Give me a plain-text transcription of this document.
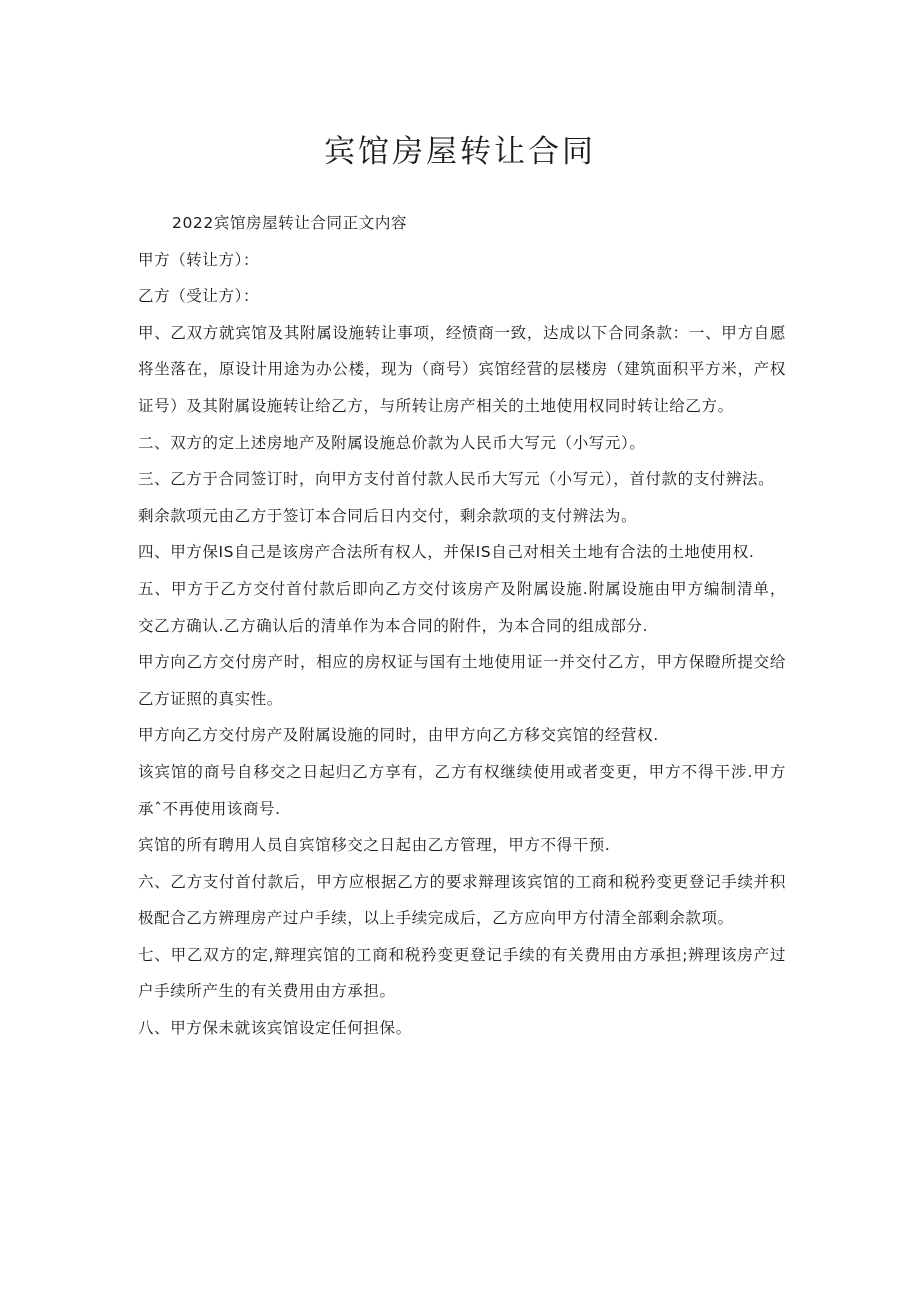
宾馆房屋转让合同

2022宾馆房屋转让合同正文内容

甲方（转让方）：

乙方（受让方）：

甲、乙双方就宾馆及其附属设施转让事项，经愤商一致，达成以下合同条款：一、甲方自愿将坐落在，原设计用途为办公楼，现为（商号）宾馆经营的层楼房（建筑面积平方米，产权证号）及其附属设施转让给乙方，与所转让房产相关的土地使用权同时转让给乙方。

二、双方的定上述房地产及附属设施总价款为人民币大写元（小写元）。

三、乙方于合同签订时，向甲方支付首付款人民币大写元（小写元），首付款的支付辨法。

剩余款项元由乙方于签订本合同后日内交付，剩余款项的支付辨法为。

四、甲方保IS自己是该房产合法所有权人，并保IS自己对相关土地有合法的土地使用权.

五、甲方于乙方交付首付款后即向乙方交付该房产及附属设施.附属设施由甲方编制清单，交乙方确认.乙方确认后的清单作为本合同的附件，为本合同的组成部分.

甲方向乙方交付房产时，相应的房权证与国有土地使用证一并交付乙方，甲方保瞪所提交给乙方证照的真实性。

甲方向乙方交付房产及附属设施的同时，由甲方向乙方移交宾馆的经营权.

该宾馆的商号自移交之日起归乙方享有，乙方有权继续使用或者变更，甲方不得干涉.甲方承ˆ不再使用该商号.

宾馆的所有聘用人员自宾馆移交之日起由乙方管理，甲方不得干预.

六、乙方支付首付款后，甲方应根据乙方的要求辩理该宾馆的工商和税矜变更登记手续并积极配合乙方辨理房产过户手续，以上手续完成后，乙方应向甲方付清全部剩余款项。

七、甲乙双方的定,辩理宾馆的工商和税矜变更登记手续的有关费用由方承担;辨理该房产过户手续所产生的有关费用由方承担。

八、甲方保未就该宾馆设定任何担保。
